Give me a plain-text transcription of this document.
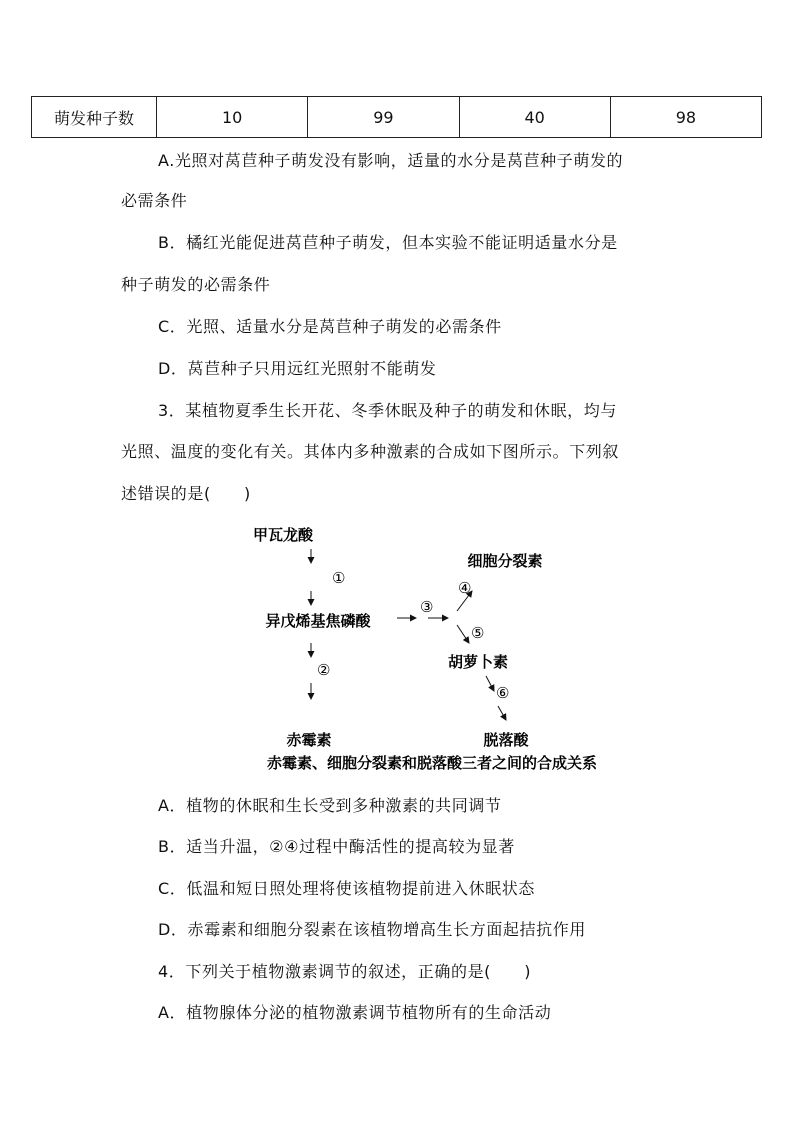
萌发种子数	10	99	40	98
A.光照对莴苣种子萌发没有影响，适量的水分是莴苣种子萌发的
必需条件
B．橘红光能促进莴苣种子萌发，但本实验不能证明适量水分是
种子萌发的必需条件
C．光照、适量水分是莴苣种子萌发的必需条件
D．莴苣种子只用远红光照射不能萌发
3．某植物夏季生长开花、冬季休眠及种子的萌发和休眠，均与
光照、温度的变化有关。其体内多种激素的合成如下图所示。下列叙
述错误的是(　　)
甲瓦龙酸
①
异戊烯基焦磷酸
③
④
细胞分裂素
⑤
胡萝卜素
②
⑥
赤霉素	脱落酸
赤霉素、细胞分裂素和脱落酸三者之间的合成关系
A．植物的休眠和生长受到多种激素的共同调节
B．适当升温，②④过程中酶活性的提高较为显著
C．低温和短日照处理将使该植物提前进入休眠状态
D．赤霉素和细胞分裂素在该植物增高生长方面起拮抗作用
4．下列关于植物激素调节的叙述，正确的是(　　)
A．植物腺体分泌的植物激素调节植物所有的生命活动
